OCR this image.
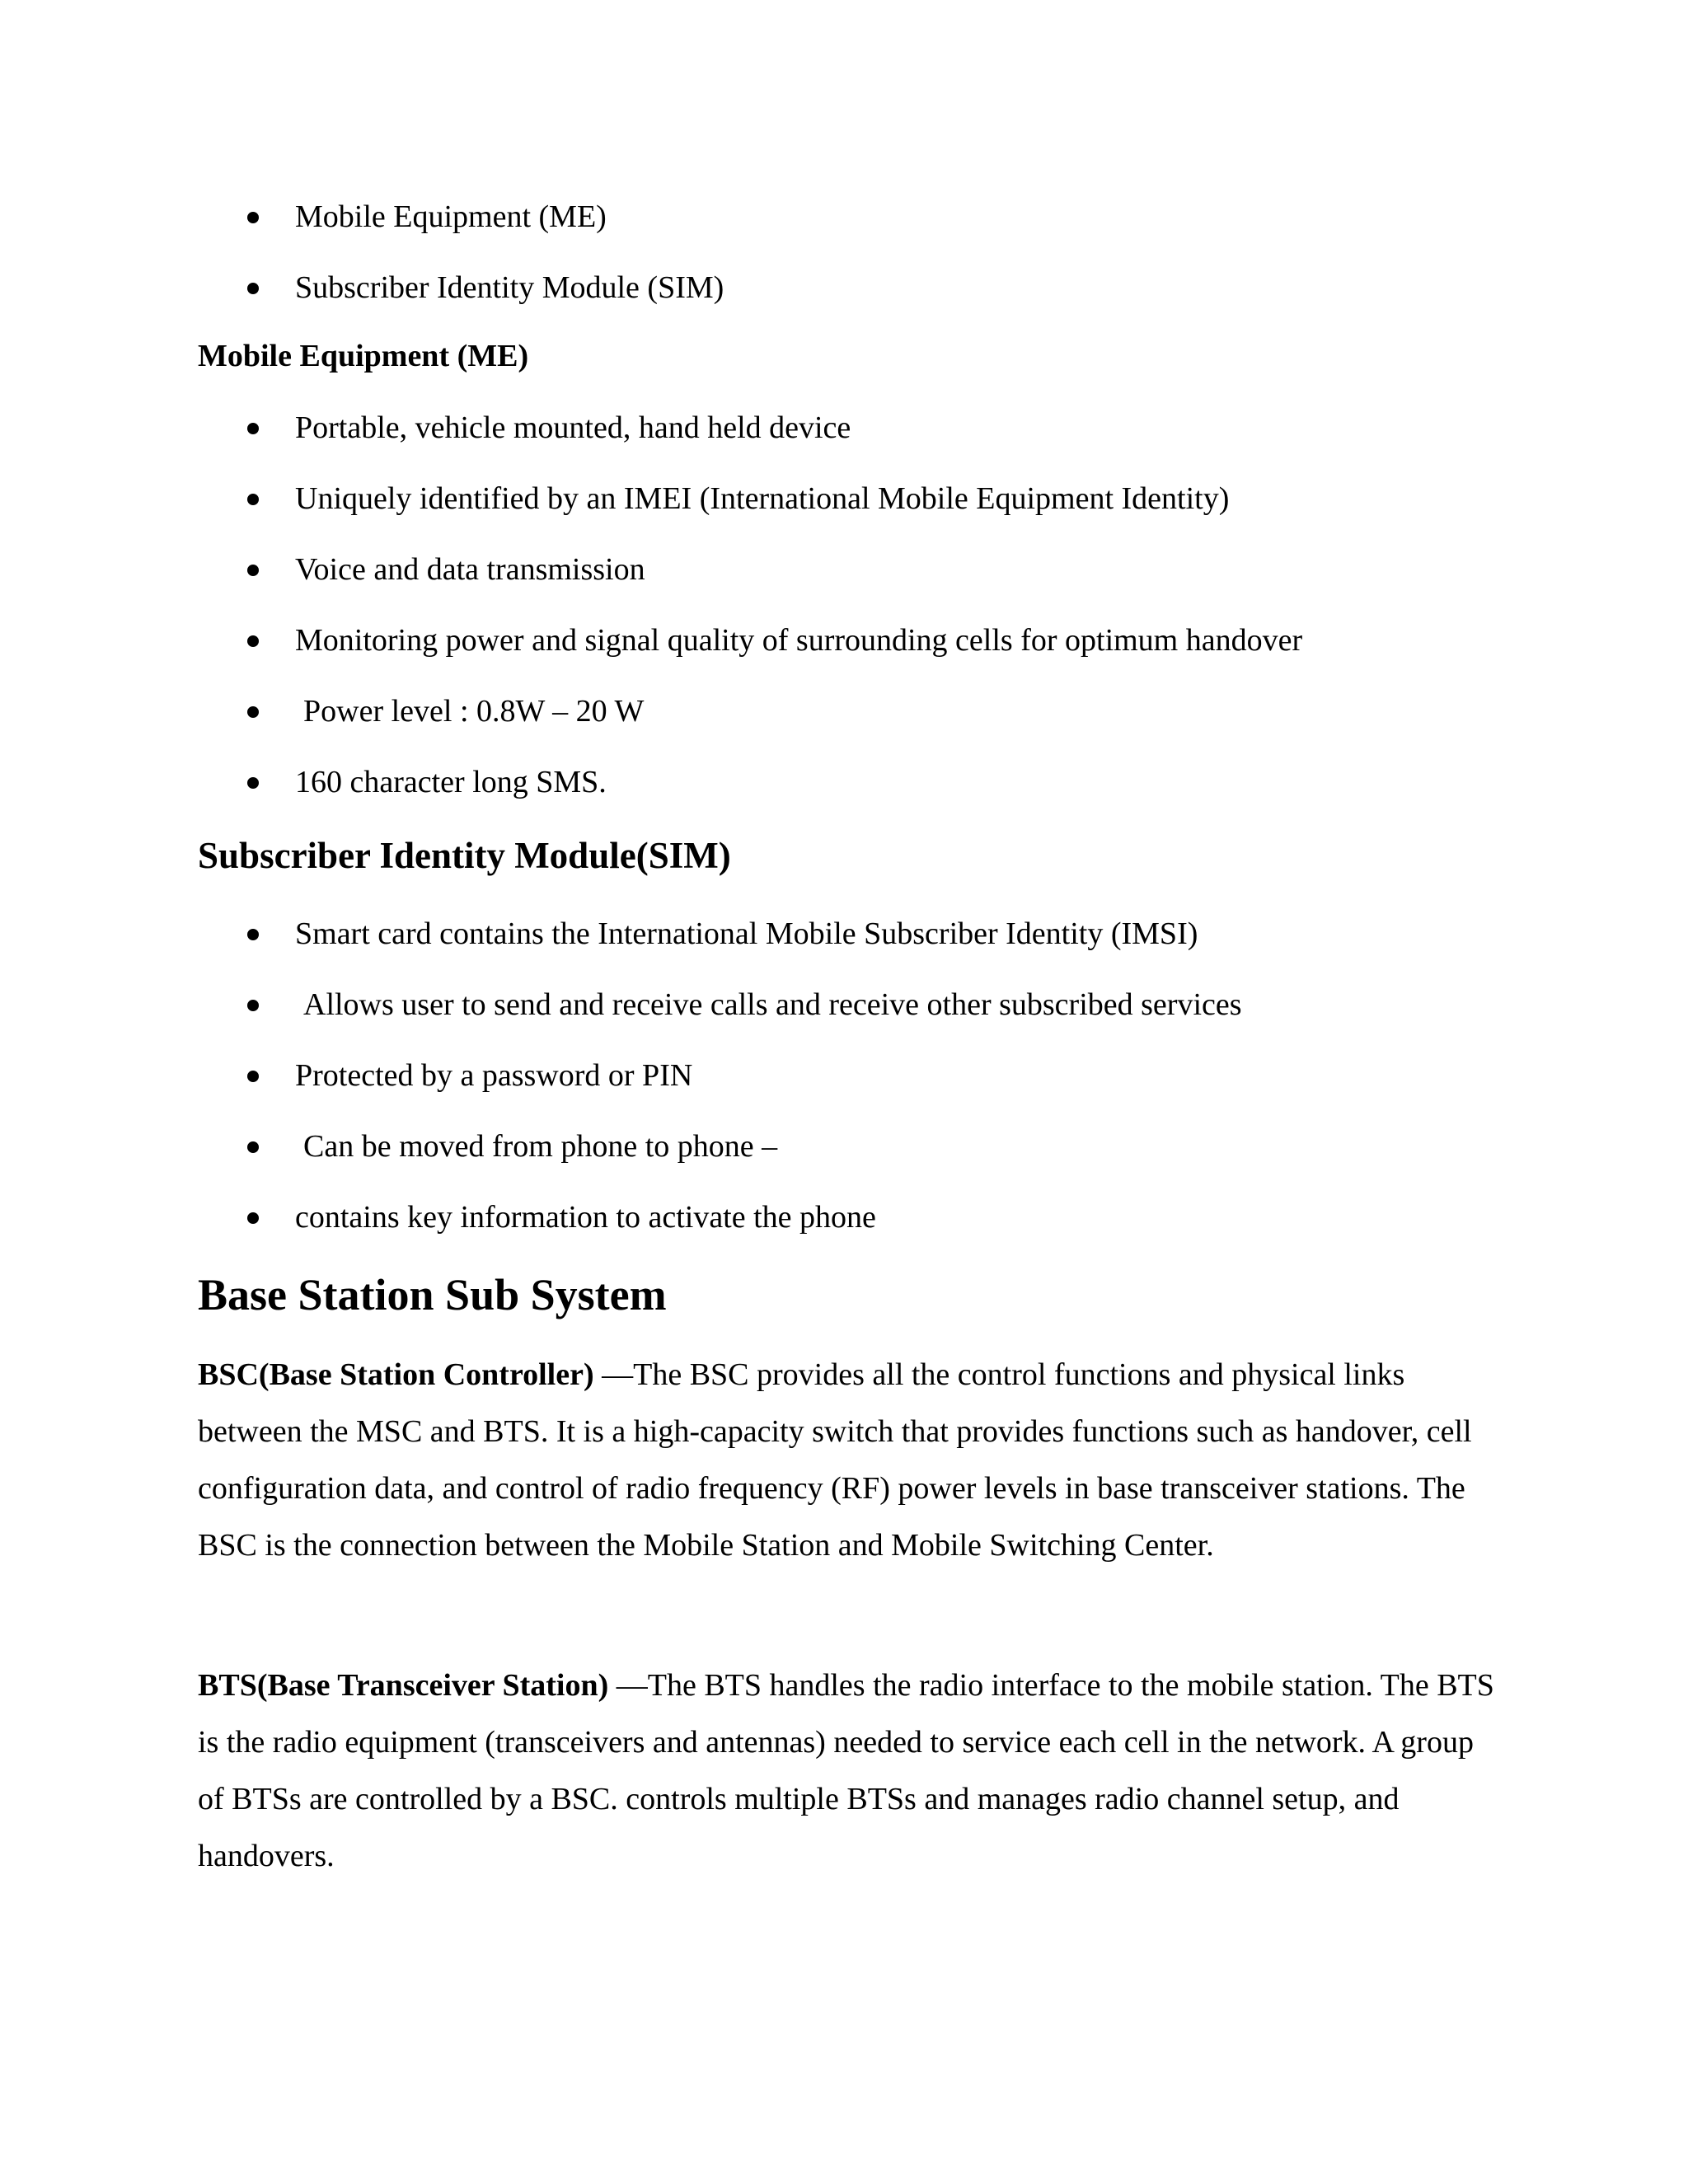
Mobile Equipment (ME)
Subscriber Identity Module (SIM)
Mobile Equipment (ME)
Portable, vehicle mounted, hand held device
Uniquely identified by an IMEI (International Mobile Equipment Identity)
Voice and data transmission
Monitoring power and signal quality of surrounding cells for optimum handover
Power level : 0.8W – 20 W
160 character long SMS.
Subscriber Identity Module(SIM)
Smart card contains the International Mobile Subscriber Identity (IMSI)
Allows user to send and receive calls and receive other subscribed services
Protected by a password or PIN
Can be moved from phone to phone –
contains key information to activate the phone
Base Station Sub System

BSC(Base Station Controller) —The BSC provides all the control functions and physical links between the MSC and BTS. It is a high-capacity switch that provides functions such as handover, cell configuration data, and control of radio frequency (RF) power levels in base transceiver stations. The BSC is the connection between the Mobile Station and Mobile Switching Center.

BTS(Base Transceiver Station) —The BTS handles the radio interface to the mobile station. The BTS is the radio equipment (transceivers and antennas) needed to service each cell in the network. A group of BTSs are controlled by a BSC. controls multiple BTSs and manages radio channel setup, and handovers.
